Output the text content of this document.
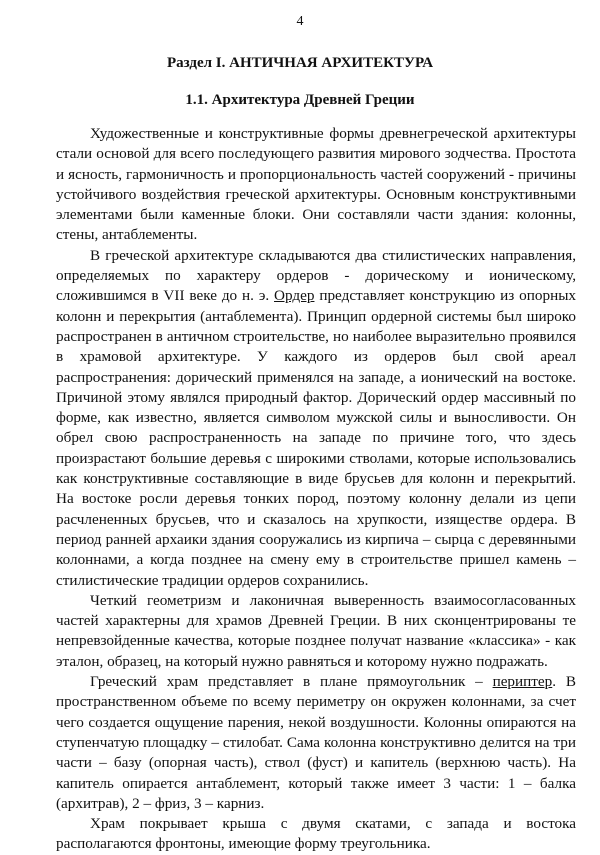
4
Раздел I. АНТИЧНАЯ АРХИТЕКТУРА
1.1. Архитектура Древней Греции

Художественные и конструктивные формы древнегреческой архитектуры стали основой для всего последующего развития мирового зодчества. Простота и ясность, гармоничность и пропорциональность частей сооружений - причины устойчивого воздействия греческой архитектуры. Основным конструктивными элементами были каменные блоки. Они составляли части здания: колонны, стены, антаблементы.

В греческой архитектуре складываются два стилистических направления, определяемых по характеру ордеров - дорическому и ионическому, сложившимся в VII веке до н. э. Ордер представляет конструкцию из опорных колонн и перекрытия (антаблемента). Принцип ордерной системы был широко распространен в античном строительстве, но наиболее выразительно проявился в храмовой архитектуре. У каждого из ордеров был свой ареал распространения: дорический применялся на западе, а ионический на востоке. Причиной этому являлся природный фактор. Дорический ордер массивный по форме, как известно, является символом мужской силы и выносливости. Он обрел свою распространенность на западе по причине того, что здесь произрастают большие деревья с широкими стволами, которые использовались как конструктивные составляющие в виде брусьев для колонн и перекрытий. На востоке росли деревья тонких пород, поэтому колонну делали из цепи расчлененных брусьев, что и сказалось на хрупкости, изяществе ордера. В период ранней архаики здания сооружались из кирпича – сырца с деревянными колоннами, а когда позднее на смену ему в строительстве пришел камень – стилистические традиции ордеров сохранились.

Четкий геометризм и лаконичная выверенность взаимосогласованных частей характерны для храмов Древней Греции. В них сконцентрированы те непревзойденные качества, которые позднее получат название «классика» - как эталон, образец, на который нужно равняться и которому нужно подражать.

Греческий храм представляет в плане прямоугольник – периптер. В пространственном объеме по всему периметру он окружен колоннами, за счет чего создается ощущение парения, некой воздушности. Колонны опираются на ступенчатую площадку – стилобат. Сама колонна конструктивно делится на три части – базу (опорная часть), ствол (фуст) и капитель (верхнюю часть). На капитель опирается антаблемент, который также имеет 3 части: 1 – балка (архитрав), 2 – фриз, 3 – карниз.

Храм покрывает крыша с двумя скатами, с запада и востока располагаются фронтоны, имеющие форму треугольника.
